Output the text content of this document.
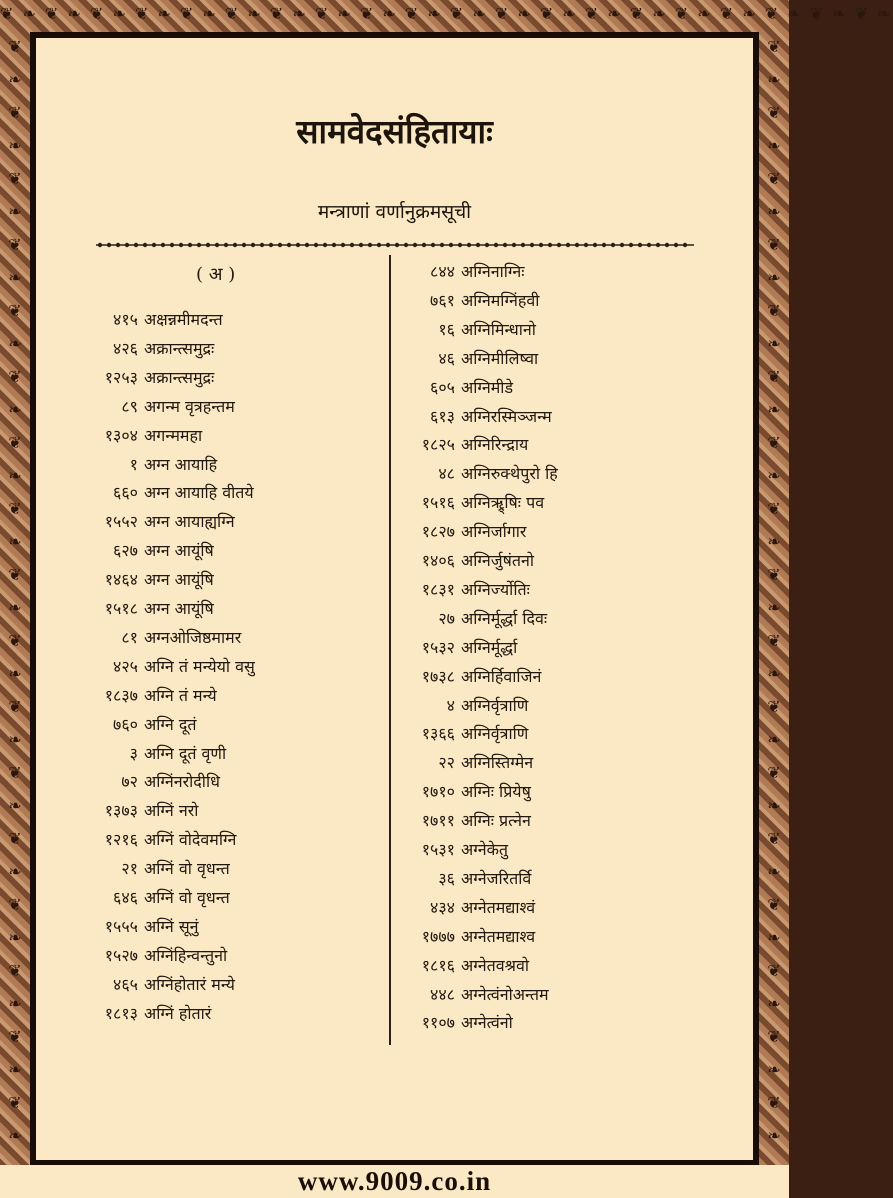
❦ ❧ ❦ ❧ ❦ ❧ ❦ ❧ ❦ ❧ ❦ ❧ ❦ ❧ ❦ ❧ ❦ ❧ ❦ ❧ ❦ ❧ ❦ ❧ ❦ ❧ ❦ ❧ ❦ ❧ ❦ ❧ ❦ ❧ ❦ ❧ ❦ ❧ ❦ ❧
❦
❧
❦
❧
❦
❧
❦
❧
❦
❧
❦
❧
❦
❧
❦
❧
❦
❧
❦
❧
❦
❧
❦
❧
❦
❧
❦
❧
❦
❧
❦
❧
❦
❧
❦
❧
❦
❧
❦
❧
❦
❧
❦
❧
❦
❧
❦
❧
❦
❧
❦
❧
❦
❧
❦
❧
❦
❧
❦
❧
❦
❧
❦
❧
❦
❧
❦
❧
सामवेदसंहितायाः
मन्त्राणां वर्णानुक्रमसूची
( अ )
४१५ अक्षन्नमीमदन्त
४२६ अक्रान्त्समुद्रः
१२५३ अक्रान्त्समुद्रः
८९ अगन्म वृत्रहन्तम
१३०४ अगन्ममहा
१ अग्न आयाहि
६६० अग्न आयाहि वीतये
१५५२ अग्न आयाह्यग्नि
६२७ अग्न आयूंषि
१४६४ अग्न आयूंषि
१५१८ अग्न आयूंषि
८१ अग्नओजिष्ठमामर
४२५ अग्नि तं मन्येयो वसु
१८३७ अग्नि तं मन्ये
७६० अग्नि दूतं
३ अग्नि दूतं वृणी
७२ अग्निंनरोदीधि
१३७३ अग्निं नरो
१२१६ अग्निं वोदेवमग्नि
२१ अग्निं वो वृधन्त
६४६ अग्निं वो वृधन्त
१५५५ अग्निं सूनुं
१५२७ अग्निंहिन्वन्तुनो
४६५ अग्निंहोतारं मन्ये
१८१३ अग्निं होतारं
८४४ अग्निनाग्निः
७६१ अग्निमग्निंहवी
१६ अग्निमिन्धानो
४६ अग्निमीलिष्वा
६०५ अग्निमीडे
६१३ अग्निरस्मिञ्जन्म
१८२५ अग्निरिन्द्राय
४८ अग्निरुक्थेपुरो हि
१५१६ अग्निऋ्र्षिः पव
१८२७ अग्निर्जागार
१४०६ अग्निर्जुषंतनो
१८३१ अग्निर्ज्योतिः
२७ अग्निर्मूर्द्धा दिवः
१५३२ अग्निर्मूर्द्धा
१७३८ अग्निर्हिवाजिनं
४ अग्निर्वृत्राणि
१३६६ अग्निर्वृत्राणि
२२ अग्निस्तिग्मेन
१७१० अग्निः प्रियेषु
१७११ अग्निः प्रत्नेन
१५३१ अग्नेकेतु
३६ अग्नेजरितर्वि
४३४ अग्नेतमद्याश्वं
१७७७ अग्नेतमद्याश्व
१८१६ अग्नेतवश्रवो
४४८ अग्नेत्वंनोअन्तम
११०७ अग्नेत्वंनो
www.9009.co.in
